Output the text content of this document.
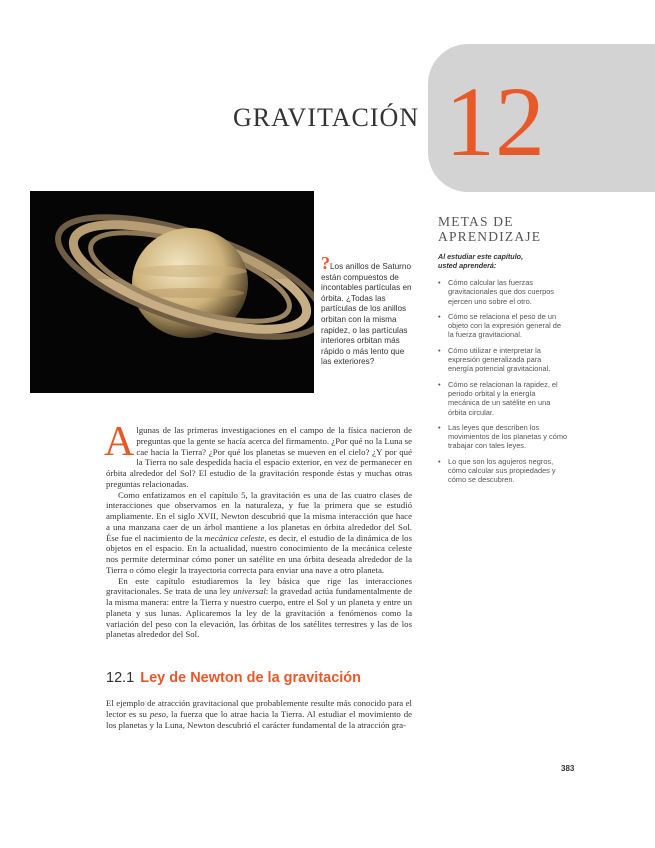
GRAVITACIÓN 12
?Los anillos de Saturno están compuestos de incontables partículas en órbita. ¿Todas las partículas de los anillos orbitan con la misma rapidez, o las partículas interiores orbitan más rápido o más lento que las exteriores?
METAS DE
APRENDIZAJE
Al estudiar este capítulo,
usted aprenderá:
• Cómo calcular las fuerzas gravitacionales que dos cuerpos ejercen uno sobre el otro.
• Cómo se relaciona el peso de un objeto con la expresión general de la fuerza gravitacional.
• Cómo utilizar e interpretar la expresión generalizada para energía potencial gravitacional.
• Cómo se relacionan la rapidez, el periodo orbital y la energía mecánica de un satélite en una órbita circular.
• Las leyes que describen los movimientos de los planetas y cómo trabajar con tales leyes.
• Lo que son los agujeros negros, cómo calcular sus propiedades y cómo se descubren.

Algunas de las primeras investigaciones en el campo de la física nacieron de preguntas que la gente se hacía acerca del firmamento. ¿Por qué no la Luna se cae hacia la Tierra? ¿Por qué los planetas se mueven en el cielo? ¿Y por qué la Tierra no sale despedida hacia el espacio exterior, en vez de permanecer en órbita alrededor del Sol? El estudio de la gravitación responde éstas y muchas otras preguntas relacionadas.

Como enfatizamos en el capítulo 5, la gravitación es una de las cuatro clases de interacciones que observamos en la naturaleza, y fue la primera que se estudió ampliamente. En el siglo XVII, Newton descubrió que la misma interacción que hace a una manzana caer de un árbol mantiene a los planetas en órbita alrededor del Sol. Ése fue el nacimiento de la mecánica celeste, es decir, el estudio de la dinámica de los objetos en el espacio. En la actualidad, nuestro conocimiento de la mecánica celeste nos permite determinar cómo poner un satélite en una órbita deseada alrededor de la Tierra o cómo elegir la trayectoria correcta para enviar una nave a otro planeta.

En este capítulo estudiaremos la ley básica que rige las interacciones gravitacionales. Se trata de una ley universal: la gravedad actúa fundamentalmente de la misma manera: entre la Tierra y nuestro cuerpo, entre el Sol y un planeta y entre un planeta y sus lunas. Aplicaremos la ley de la gravitación a fenómenos como la variación del peso con la elevación, las órbitas de los satélites terrestres y las de los planetas alrededor del Sol.

12.1 Ley de Newton de la gravitación

El ejemplo de atracción gravitacional que probablemente resulte más conocido para el lector es su peso, la fuerza que lo atrae hacia la Tierra. Al estudiar el movimiento de los planetas y la Luna, Newton descubrió el carácter fundamental de la atracción gra-

383
